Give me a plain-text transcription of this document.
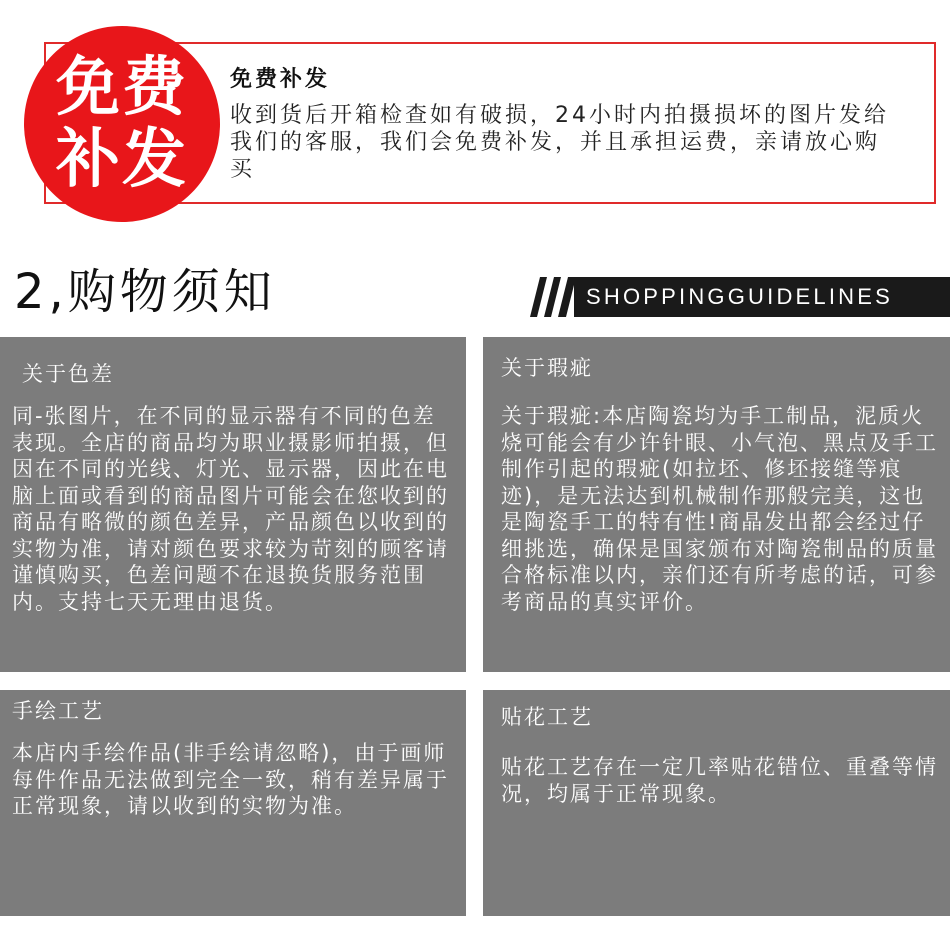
免费补发
收到货后开箱检查如有破损，24小时内拍摄损坏的图片发给我们的客服，我们会免费补发，并且承担运费，亲请放心购买
免费
补发
2,购物须知	SHOPPINGGUIDELINES
关于色差
同-张图片，在不同的显示器有不同的色差表现。全店的商品均为职业摄影师拍摄，但因在不同的光线、灯光、显示器，因此在电脑上面或看到的商品图片可能会在您收到的商品有略微的颜色差异，产品颜色以收到的实物为准，请对颜色要求较为苛刻的顾客请谨慎购买，色差问题不在退换货服务范围内。支持七天无理由退货。
关于瑕疵
关于瑕疵:本店陶瓷均为手工制品，泥质火烧可能会有少许针眼、小气泡、黑点及手工制作引起的瑕疵(如拉坯、修坯接缝等痕迹)，是无法达到机械制作那般完美，这也是陶瓷手工的特有性!商晶发出都会经过仔细挑选，确保是国家颁布对陶瓷制品的质量合格标准以内，亲们还有所考虑的话，可参考商品的真实评价。
手绘工艺
本店内手绘作品(非手绘请忽略)，由于画师每件作品无法做到完全一致，稍有差异属于正常现象，请以收到的实物为准。
贴花工艺
贴花工艺存在一定几率贴花错位、重叠等情况，均属于正常现象。
